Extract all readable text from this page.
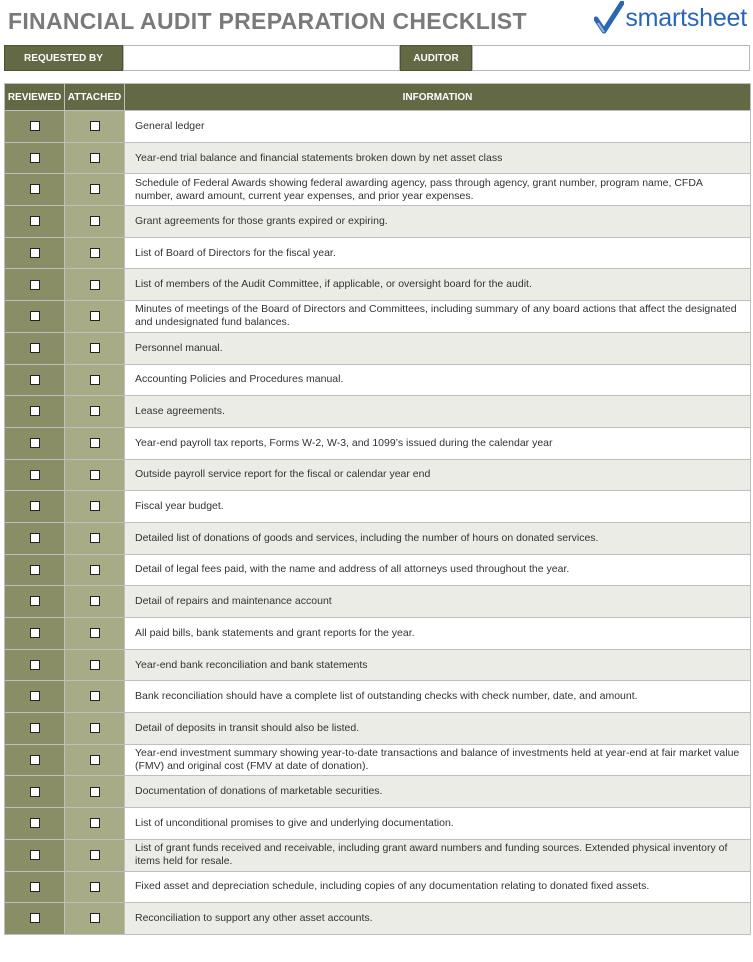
FINANCIAL AUDIT PREPARATION CHECKLIST	smartsheet
REQUESTED BY	AUDITOR
REVIEWED	ATTACHED	INFORMATION
		General ledger
		Year-end trial balance and financial statements broken down by net asset class
		Schedule of Federal Awards showing federal awarding agency, pass through agency, grant number, program name, CFDA number, award amount, current year expenses, and prior year expenses.
		Grant agreements for those grants expired or expiring.
		List of Board of Directors for the fiscal year.
		List of members of the Audit Committee, if applicable, or oversight board for the audit.
		Minutes of meetings of the Board of Directors and Committees, including summary of any board actions that affect the designated and undesignated fund balances.
		Personnel manual.
		Accounting Policies and Procedures manual.
		Lease agreements.
		Year-end payroll tax reports, Forms W-2, W-3, and 1099’s issued during the calendar year
		Outside payroll service report for the fiscal or calendar year end
		Fiscal year budget.
		Detailed list of donations of goods and services, including the number of hours on donated services.
		Detail of legal fees paid, with the name and address of all attorneys used throughout the year.
		Detail of repairs and maintenance account
		All paid bills, bank statements and grant reports for the year.
		Year-end bank reconciliation and bank statements
		Bank reconciliation should have a complete list of outstanding checks with check number, date, and amount.
		Detail of deposits in transit should also be listed.
		Year-end investment summary showing year-to-date transactions and balance of investments held at year-end at fair market value (FMV) and original cost (FMV at date of donation).
		Documentation of donations of marketable securities.
		List of unconditional promises to give and underlying documentation.
		List of grant funds received and receivable, including grant award numbers and funding sources. Extended physical inventory of items held for resale.
		Fixed asset and depreciation schedule, including copies of any documentation relating to donated fixed assets.
		Reconciliation to support any other asset accounts.
